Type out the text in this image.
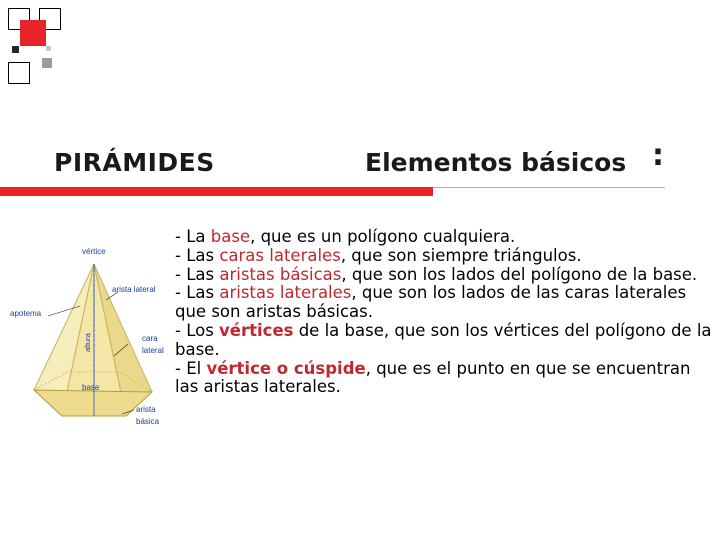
PIRÁMIDES	Elementos básicos :
vértice
arista lateral
apotema
altura	cara
lateral
base
arista
básica

- La base, que es un polígono cualquiera.

- Las caras laterales, que son siempre triángulos.

- Las aristas básicas, que son los lados del polígono de la base.

- Las aristas laterales, que son los lados de las caras laterales que son aristas básicas.

- Los vértices de la base, que son los vértices del polígono de la base.

- El vértice o cúspide, que es el punto en que se encuentran las aristas laterales.
